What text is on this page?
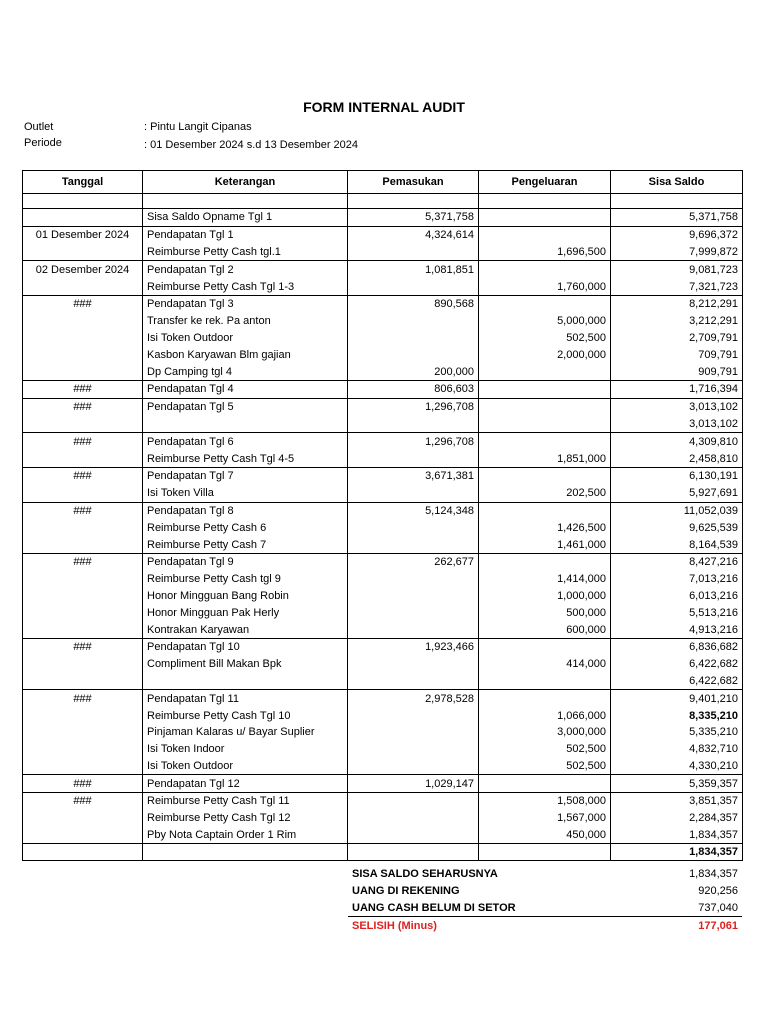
FORM INTERNAL AUDIT
Outlet	: Pintu Langit Cipanas
Periode	: 01 Desember 2024 s.d 13 Desember 2024
Tanggal	Keterangan	Pemasukan	Pengeluaran	Sisa Saldo

	Sisa Saldo Opname Tgl 1	5,371,758		5,371,758
01 Desember 2024	Pendapatan Tgl 1	4,324,614		9,696,372
	Reimburse Petty Cash tgl.1		1,696,500	7,999,872
02 Desember 2024	Pendapatan Tgl 2	1,081,851		9,081,723
	Reimburse Petty Cash Tgl 1-3		1,760,000	7,321,723
###	Pendapatan Tgl 3	890,568		8,212,291
	Transfer ke rek. Pa anton		5,000,000	3,212,291
	Isi Token Outdoor		502,500	2,709,791
	Kasbon Karyawan Blm gajian		2,000,000	709,791
	Dp Camping tgl 4	200,000		909,791
###	Pendapatan Tgl 4	806,603		1,716,394
###	Pendapatan Tgl 5	1,296,708		3,013,102
				3,013,102
###	Pendapatan Tgl 6	1,296,708		4,309,810
	Reimburse Petty Cash Tgl 4-5		1,851,000	2,458,810
###	Pendapatan Tgl 7	3,671,381		6,130,191
	Isi Token Villa		202,500	5,927,691
###	Pendapatan Tgl 8	5,124,348		11,052,039
	Reimburse Petty Cash 6		1,426,500	9,625,539
	Reimburse Petty Cash 7		1,461,000	8,164,539
###	Pendapatan Tgl 9	262,677		8,427,216
	Reimburse Petty Cash tgl 9		1,414,000	7,013,216
	Honor Mingguan Bang Robin		1,000,000	6,013,216
	Honor Mingguan Pak Herly		500,000	5,513,216
	Kontrakan Karyawan		600,000	4,913,216
###	Pendapatan Tgl 10	1,923,466		6,836,682
	Compliment Bill Makan Bpk		414,000	6,422,682
				6,422,682
###	Pendapatan Tgl 11	2,978,528		9,401,210
	Reimburse Petty Cash Tgl 10		1,066,000	8,335,210
	Pinjaman Kalaras u/ Bayar Suplier		3,000,000	5,335,210
	Isi Token Indoor		502,500	4,832,710
	Isi Token Outdoor		502,500	4,330,210
###	Pendapatan Tgl 12	1,029,147		5,359,357
###	Reimburse Petty Cash Tgl 11		1,508,000	3,851,357
	Reimburse Petty Cash Tgl 12		1,567,000	2,284,357
	Pby Nota Captain Order 1 Rim		450,000	1,834,357
				1,834,357
SISA SALDO SEHARUSNYA	1,834,357
UANG DI REKENING	920,256
UANG CASH BELUM DI SETOR	737,040
SELISIH (Minus)	177,061
